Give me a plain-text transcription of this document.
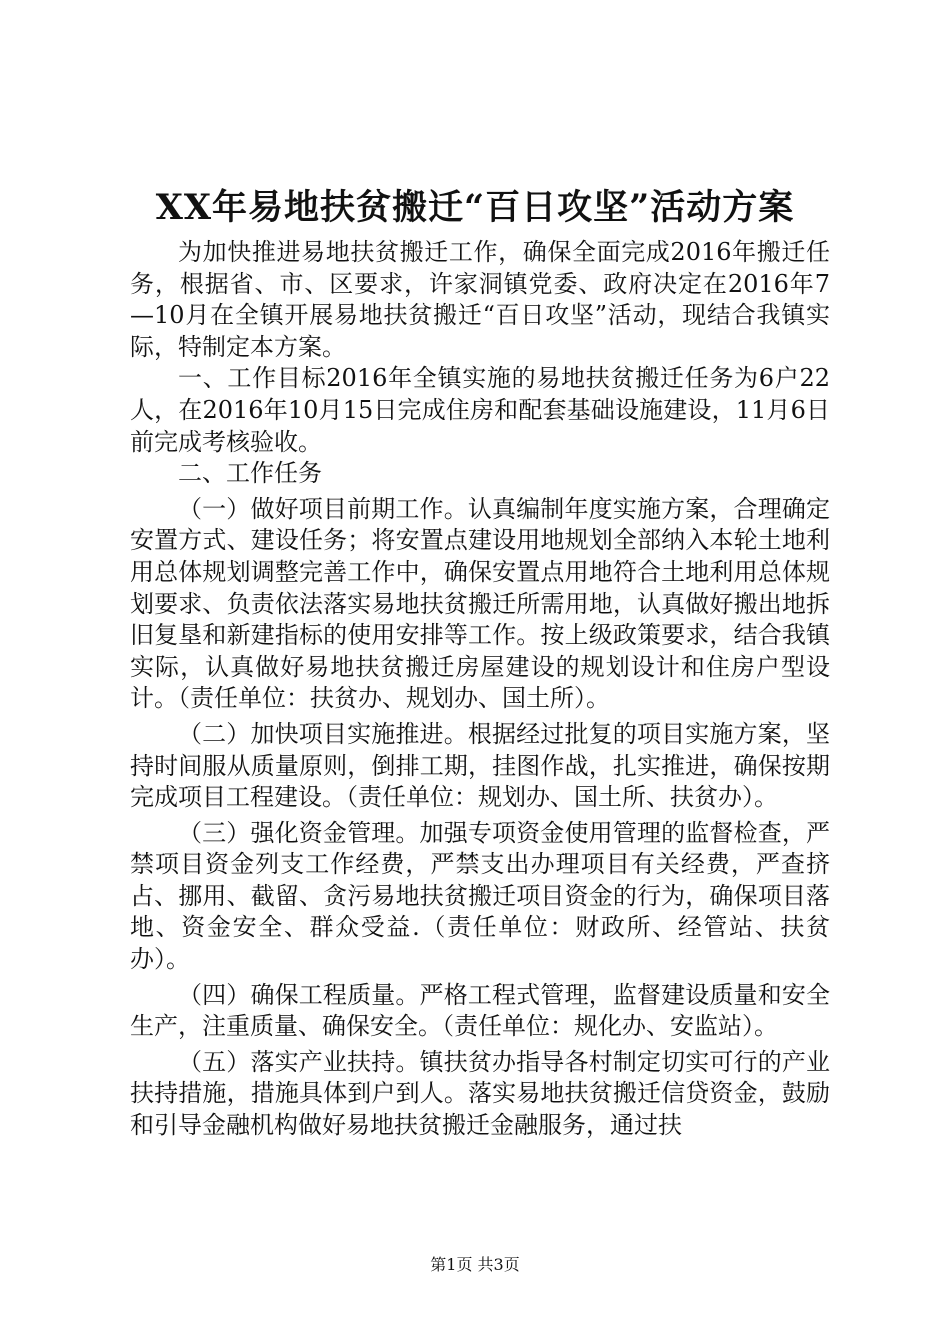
XX年易地扶贫搬迁“百日攻坚”活动方案

为加快推进易地扶贫搬迁工作，确保全面完成2016年搬迁任务，根据省、市、区要求，许家洞镇党委、政府决定在2016年7—10月在全镇开展易地扶贫搬迁“百日攻坚”活动，现结合我镇实际，特制定本方案。

一、工作目标2016年全镇实施的易地扶贫搬迁任务为6户22人，在2016年10月15日完成住房和配套基础设施建设，11月6日前完成考核验收。

二、工作任务

（一）做好项目前期工作。认真编制年度实施方案，合理确定安置方式、建设任务；将安置点建设用地规划全部纳入本轮土地利用总体规划调整完善工作中，确保安置点用地符合土地利用总体规划要求、负责依法落实易地扶贫搬迁所需用地，认真做好搬出地拆旧复垦和新建指标的使用安排等工作。按上级政策要求，结合我镇实际，认真做好易地扶贫搬迁房屋建设的规划设计和住房户型设计。（责任单位：扶贫办、规划办、国土所）。

（二）加快项目实施推进。根据经过批复的项目实施方案，坚持时间服从质量原则，倒排工期，挂图作战，扎实推进，确保按期完成项目工程建设。（责任单位：规划办、国土所、扶贫办）。

（三）强化资金管理。加强专项资金使用管理的监督检查，严禁项目资金列支工作经费，严禁支出办理项目有关经费，严查挤占、挪用、截留、贪污易地扶贫搬迁项目资金的行为，确保项目落地、资金安全、群众受益.（责任单位：财政所、经管站、扶贫办）。

（四）确保工程质量。严格工程式管理，监督建设质量和安全生产，注重质量、确保安全。（责任单位：规化办、安监站）。

（五）落实产业扶持。镇扶贫办指导各村制定切实可行的产业扶持措施，措施具体到户到人。落实易地扶贫搬迁信贷资金，鼓励和引导金融机构做好易地扶贫搬迁金融服务，通过扶

第1页 共3页
